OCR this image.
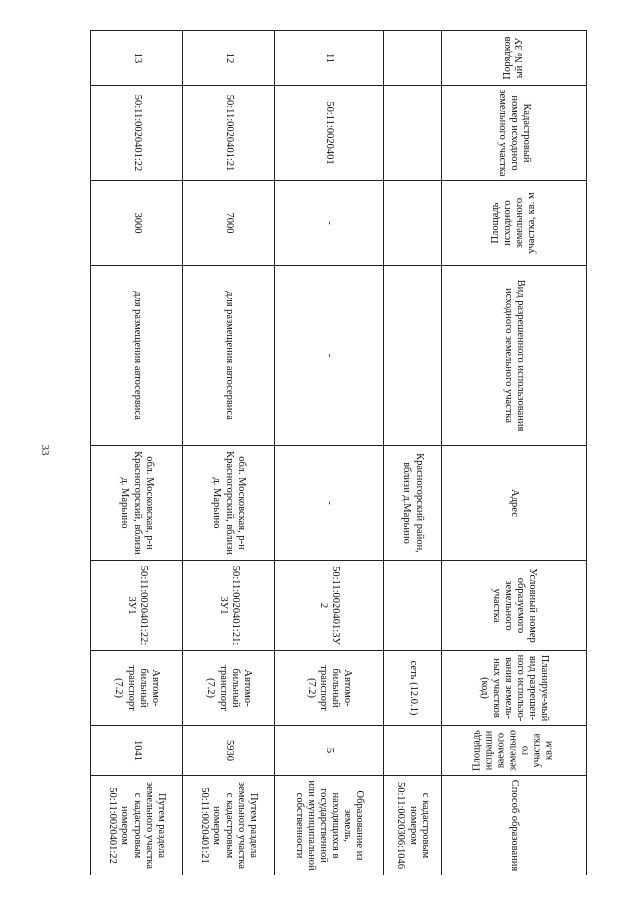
33
Порядковый № ЗУ	Кадастровый номер исходного земельного участка	Площадь исходного земельного участка, кв. м	Вид разрешенного использования исходного земельного участка	Адрес	Условный номер образуемого земельного участка	Планируе-мый вид разрешен-ного использо-вания земель-ных участков (код)	Площадь испрашиваемого земельного участка кв.м	Способ образования
				Красногорский район, вблизи д.Марьино		сеть (12.0.1)		с кадастровым номером 50:11:0020306:1046
11	50:11:0020401	-	-	-	50:11:0020401:3У2	Автомо-бильный транспорт (7.2)	5	Образование из земель, находящихся в государственной или муниципальной собственности
12	50:11:0020401:21	7000	для размещения автосервиса	обл. Московская, р-н Красногорский, вблизи д. Марьино	50:11:0020401:21:3У1	Автомо-бильный транспорт (7.2)	5930	Путем раздела земельного участка с кадастровым номером 50:11:0020401:21
13	50:11:0020401:22	3000	для размещения автосервиса	обл. Московская, р-н Красногорский, вблизи д. Марьино	50:11:0020401:22:3У1	Автомо-бильный транспорт (7.2)	1041	Путем раздела земельного участка с кадастровым номером 50:11:0020401:22
